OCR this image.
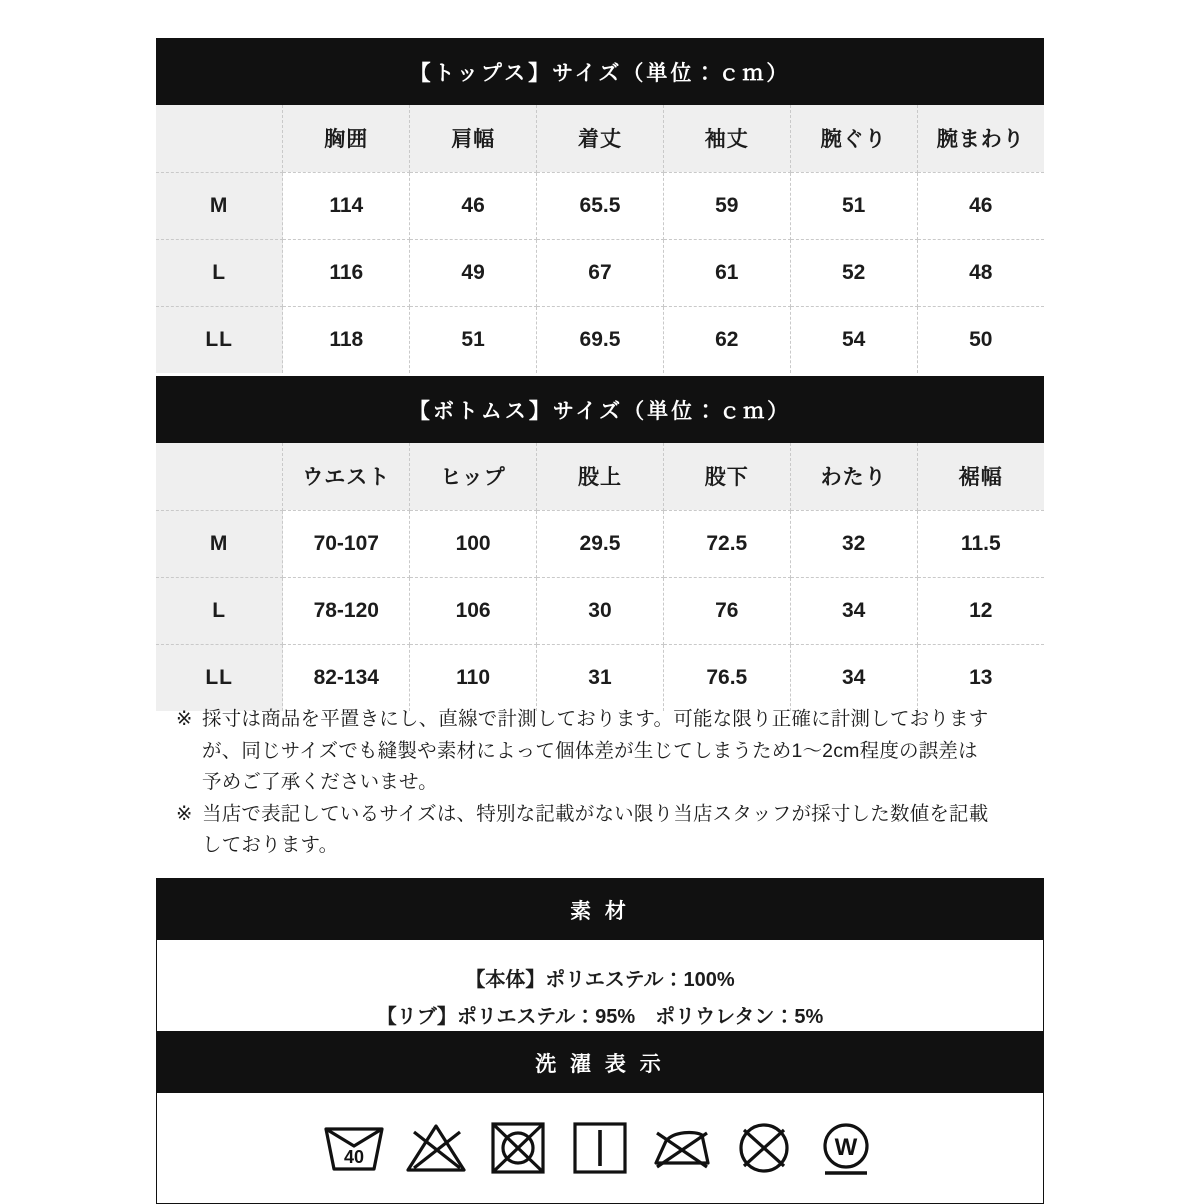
【トップス】サイズ（単位：ｃｍ）						
	胸囲	肩幅	着丈	袖丈	腕ぐり	腕まわり
M	114	46	65.5	59	51	46
L	116	49	67	61	52	48
LL	118	51	69.5	62	54	50
【ボトムス】サイズ（単位：ｃｍ）						
	ウエスト	ヒップ	股上	股下	わたり	裾幅
M	70-107	100	29.5	72.5	32	11.5
L	78-120	106	30	76	34	12
LL	82-134	110	31	76.5	34	13
※ 採寸は商品を平置きにし、直線で計測しております。可能な限り正確に計測しております
が、同じサイズでも縫製や素材によって個体差が生じてしまうため1〜2cm程度の誤差は
予めご了承くださいませ。
※ 当店で表記しているサイズは、特別な記載がない限り当店スタッフが採寸した数値を記載
しております。
素 材
【本体】ポリエステル：100%
【リブ】ポリエステル：95%　ポリウレタン：5%
洗 濯 表 示
40	W
